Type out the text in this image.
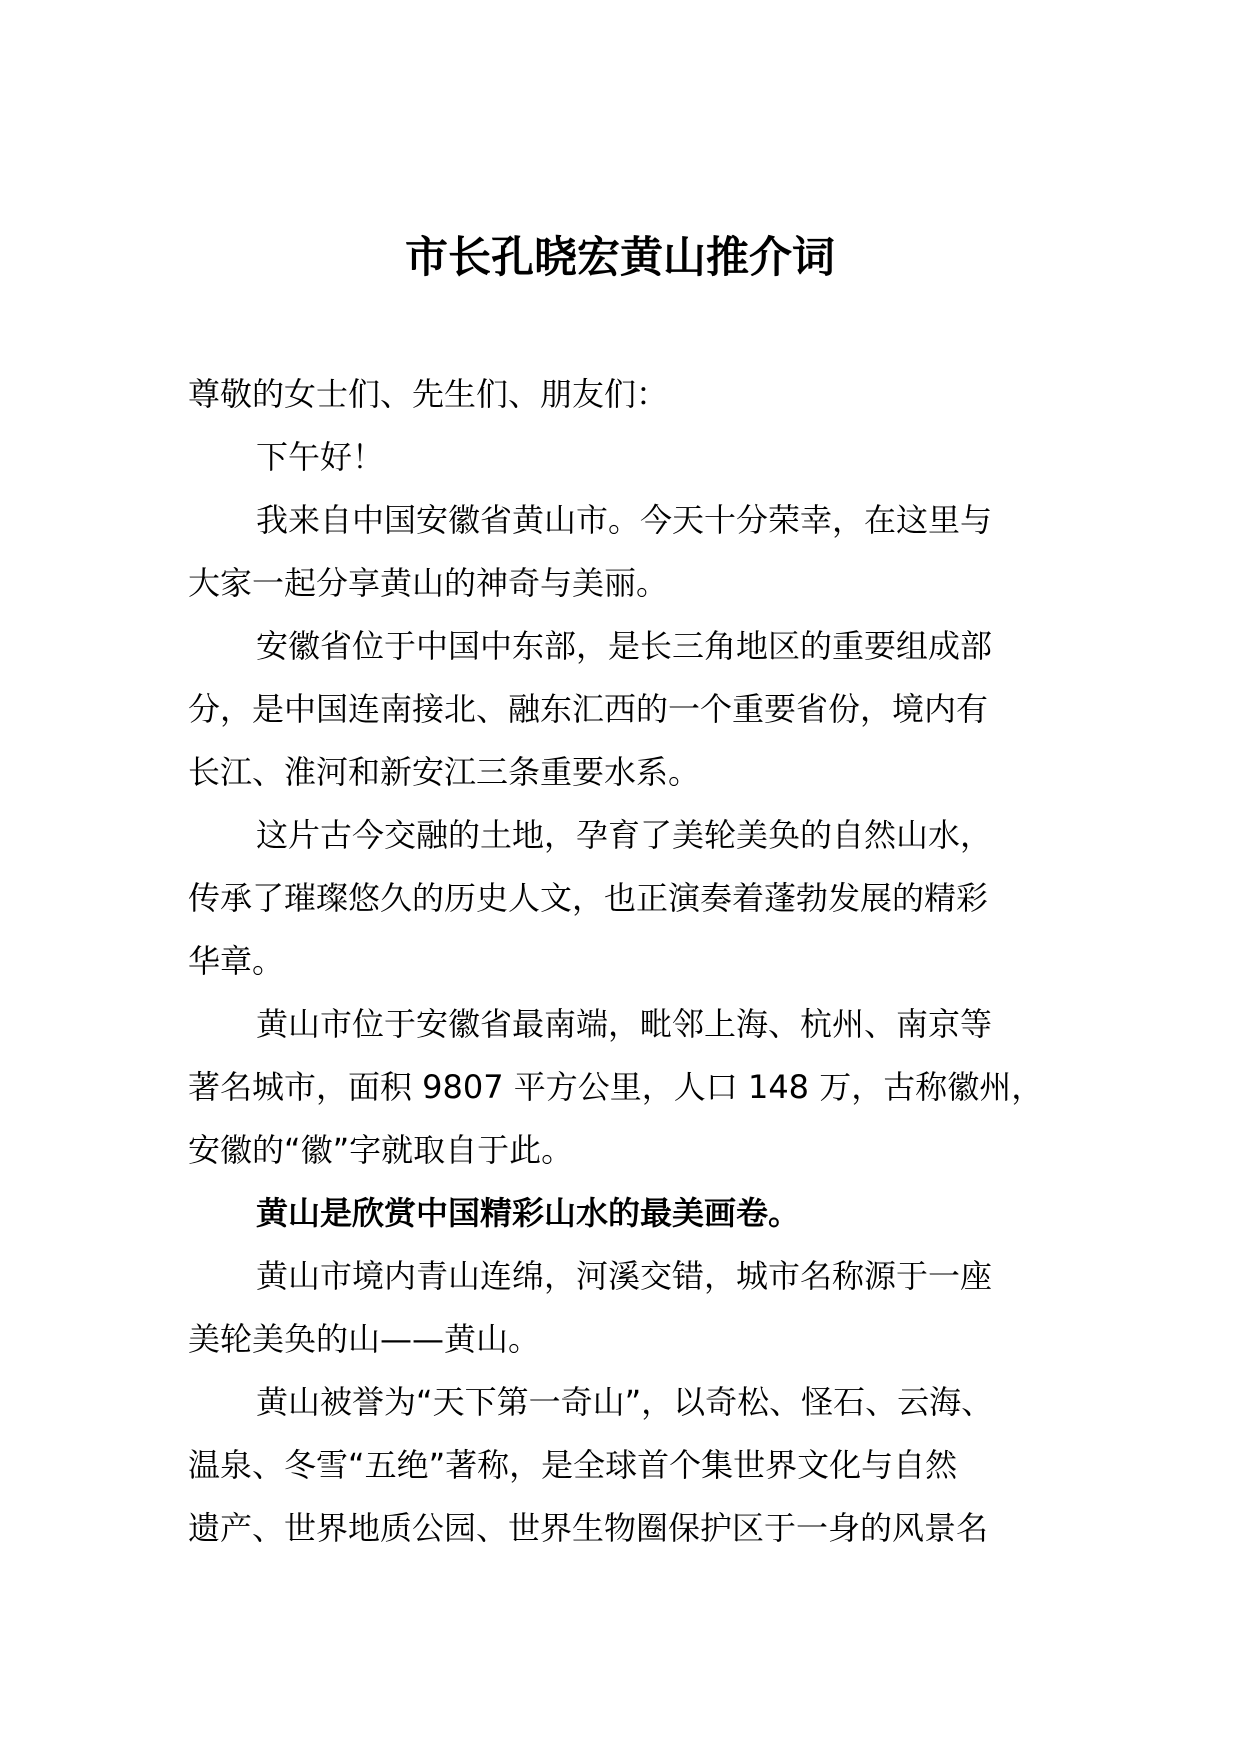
市长孔晓宏黄山推介词
尊敬的女士们、先生们、朋友们：
下午好！
我来自中国安徽省黄山市。今天十分荣幸，在这里与
大家一起分享黄山的神奇与美丽。
安徽省位于中国中东部，是长三角地区的重要组成部
分，是中国连南接北、融东汇西的一个重要省份，境内有
长江、淮河和新安江三条重要水系。
这片古今交融的土地，孕育了美轮美奂的自然山水，
传承了璀璨悠久的历史人文，也正演奏着蓬勃发展的精彩
华章。
黄山市位于安徽省最南端，毗邻上海、杭州、南京等
著名城市，面积 9807 平方公里，人口 148 万，古称徽州，
安徽的“徽”字就取自于此。
黄山是欣赏中国精彩山水的最美画卷。
黄山市境内青山连绵，河溪交错，城市名称源于一座
美轮美奂的山——黄山。
黄山被誉为“天下第一奇山”，以奇松、怪石、云海、
温泉、冬雪“五绝”著称，是全球首个集世界文化与自然
遗产、世界地质公园、世界生物圈保护区于一身的风景名
